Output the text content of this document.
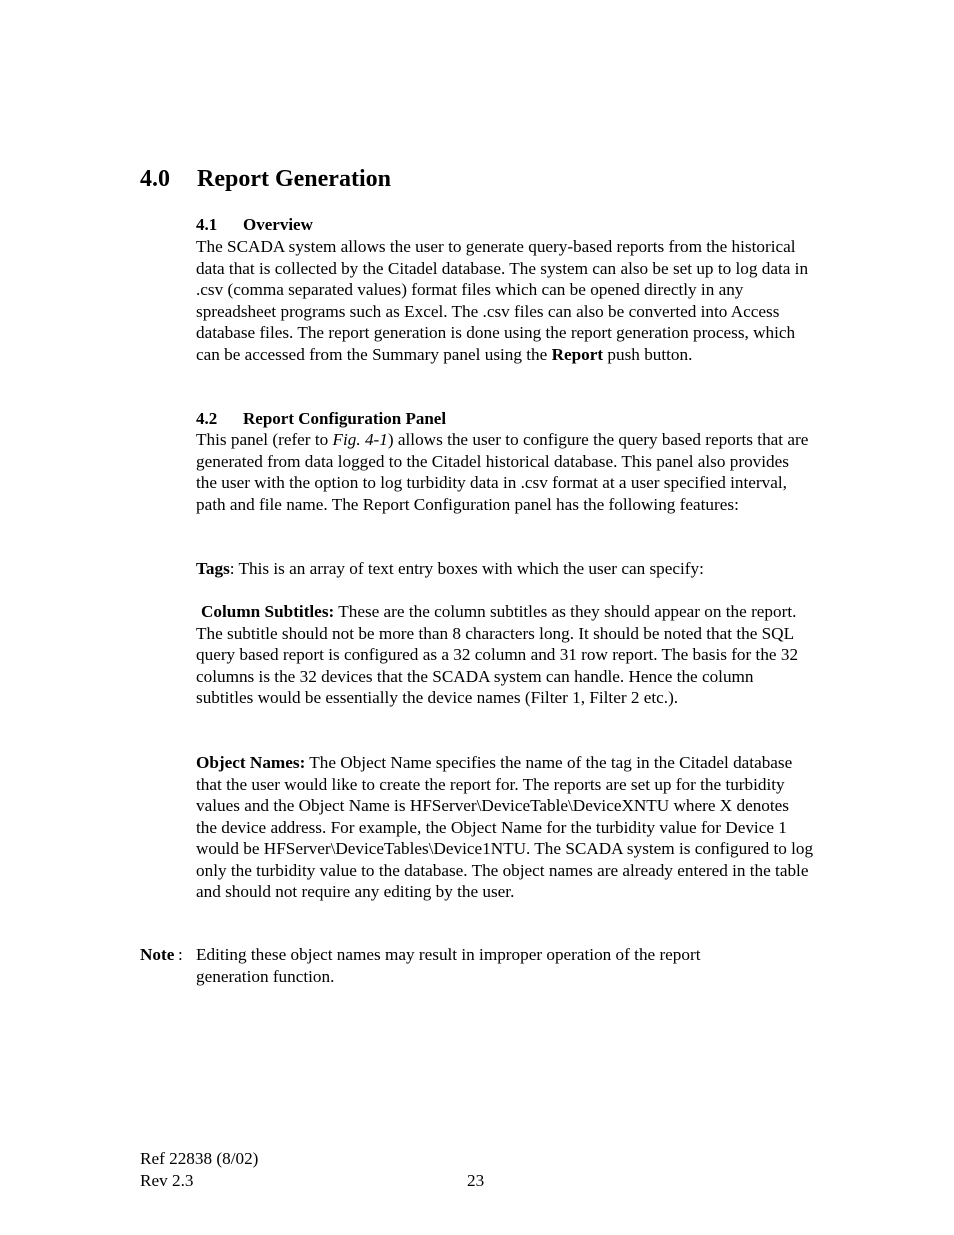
4.0 Report Generation
4.1 Overview
The SCADA system allows the user to generate query-based reports from the historical data that is collected by the Citadel database. The system can also be set up to log data in .csv (comma separated values) format files which can be opened directly in any spreadsheet programs such as Excel. The .csv files can also be converted into Access database files. The report generation is done using the report generation process, which can be accessed from the Summary panel using the Report push button.
4.2 Report Configuration Panel
This panel (refer to Fig. 4-1) allows the user to configure the query based reports that are generated from data logged to the Citadel historical database. This panel also provides the user with the option to log turbidity data in .csv format at a user specified interval, path and file name. The Report Configuration panel has the following features:
Tags: This is an array of text entry boxes with which the user can specify:
Column Subtitles: These are the column subtitles as they should appear on the report. The subtitle should not be more than 8 characters long. It should be noted that the SQL query based report is configured as a 32 column and 31 row report. The basis for the 32 columns is the 32 devices that the SCADA system can handle. Hence the column subtitles would be essentially the device names (Filter 1, Filter 2 etc.).
Object Names: The Object Name specifies the name of the tag in the Citadel database that the user would like to create the report for. The reports are set up for the turbidity values and the Object Name is HFServer\DeviceTable\DeviceXNTU where X denotes the device address. For example, the Object Name for the turbidity value for Device 1 would be HFServer\DeviceTables\Device1NTU. The SCADA system is configured to log only the turbidity value to the database. The object names are already entered in the table and should not require any editing by the user.
Note : Editing these object names may result in improper operation of the report generation function.
Ref 22838 (8/02)
Rev 2.3	23
